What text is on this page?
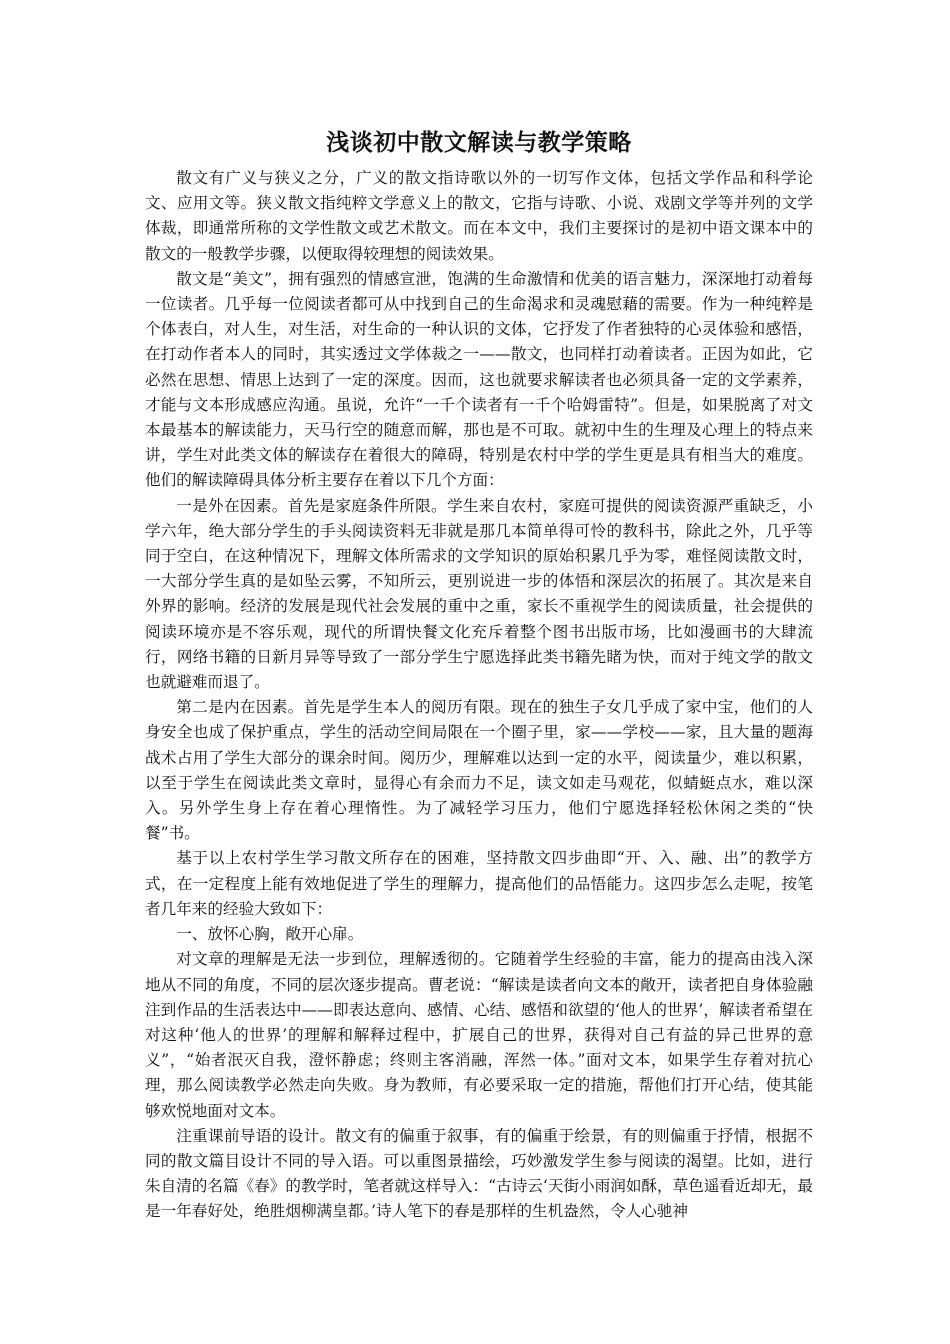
浅谈初中散文解读与教学策略

散文有广义与狭义之分，广义的散文指诗歌以外的一切写作文体，包括文学作品和科学论文、应用文等。狭义散文指纯粹文学意义上的散文，它指与诗歌、小说、戏剧文学等并列的文学体裁，即通常所称的文学性散文或艺术散文。而在本文中，我们主要探讨的是初中语文课本中的散文的一般教学步骤，以便取得较理想的阅读效果。

散文是“美文”，拥有强烈的情感宣泄，饱满的生命激情和优美的语言魅力，深深地打动着每一位读者。几乎每一位阅读者都可从中找到自己的生命渴求和灵魂慰藉的需要。作为一种纯粹是个体表白，对人生，对生活，对生命的一种认识的文体，它抒发了作者独特的心灵体验和感悟，在打动作者本人的同时，其实透过文学体裁之一——散文，也同样打动着读者。正因为如此，它必然在思想、情思上达到了一定的深度。因而，这也就要求解读者也必须具备一定的文学素养，才能与文本形成感应沟通。虽说，允许“一千个读者有一千个哈姆雷特”。但是，如果脱离了对文本最基本的解读能力，天马行空的随意而解，那也是不可取。就初中生的生理及心理上的特点来讲，学生对此类文体的解读存在着很大的障碍，特别是农村中学的学生更是具有相当大的难度。他们的解读障碍具体分析主要存在着以下几个方面：

一是外在因素。首先是家庭条件所限。学生来自农村，家庭可提供的阅读资源严重缺乏，小学六年，绝大部分学生的手头阅读资料无非就是那几本简单得可怜的教科书，除此之外，几乎等同于空白，在这种情况下，理解文体所需求的文学知识的原始积累几乎为零，难怪阅读散文时，一大部分学生真的是如坠云雾，不知所云，更别说进一步的体悟和深层次的拓展了。其次是来自外界的影响。经济的发展是现代社会发展的重中之重，家长不重视学生的阅读质量，社会提供的阅读环境亦是不容乐观，现代的所谓快餐文化充斥着整个图书出版市场，比如漫画书的大肆流行，网络书籍的日新月异等导致了一部分学生宁愿选择此类书籍先睹为快，而对于纯文学的散文也就避难而退了。

第二是内在因素。首先是学生本人的阅历有限。现在的独生子女几乎成了家中宝，他们的人身安全也成了保护重点，学生的活动空间局限在一个圈子里，家——学校——家，且大量的题海战术占用了学生大部分的课余时间。阅历少，理解难以达到一定的水平，阅读量少，难以积累，以至于学生在阅读此类文章时，显得心有余而力不足，读文如走马观花，似蜻蜓点水，难以深入。另外学生身上存在着心理惰性。为了减轻学习压力，他们宁愿选择轻松休闲之类的“快餐”书。

基于以上农村学生学习散文所存在的困难，坚持散文四步曲即“开、入、融、出”的教学方式，在一定程度上能有效地促进了学生的理解力，提高他们的品悟能力。这四步怎么走呢，按笔者几年来的经验大致如下：

一、放怀心胸，敞开心扉。

对文章的理解是无法一步到位，理解透彻的。它随着学生经验的丰富，能力的提高由浅入深地从不同的角度，不同的层次逐步提高。曹老说：“解读是读者向文本的敞开，读者把自身体验融注到作品的生活表达中——即表达意向、感情、心结、感悟和欲望的‘他人的世界’，解读者希望在对这种‘他人的世界’的理解和解释过程中，扩展自己的世界，获得对自己有益的异己世界的意义”，“始者泯灭自我，澄怀静虑；终则主客消融，浑然一体。”面对文本，如果学生存着对抗心理，那么阅读教学必然走向失败。身为教师，有必要采取一定的措施，帮他们打开心结，使其能够欢悦地面对文本。

注重课前导语的设计。散文有的偏重于叙事，有的偏重于绘景，有的则偏重于抒情，根据不同的散文篇目设计不同的导入语。可以重图景描绘，巧妙激发学生参与阅读的渴望。比如，进行朱自清的名篇《春》的教学时，笔者就这样导入：“古诗云‘天街小雨润如酥，草色遥看近却无，最是一年春好处，绝胜烟柳满皇都。’诗人笔下的春是那样的生机盎然，令人心驰神
